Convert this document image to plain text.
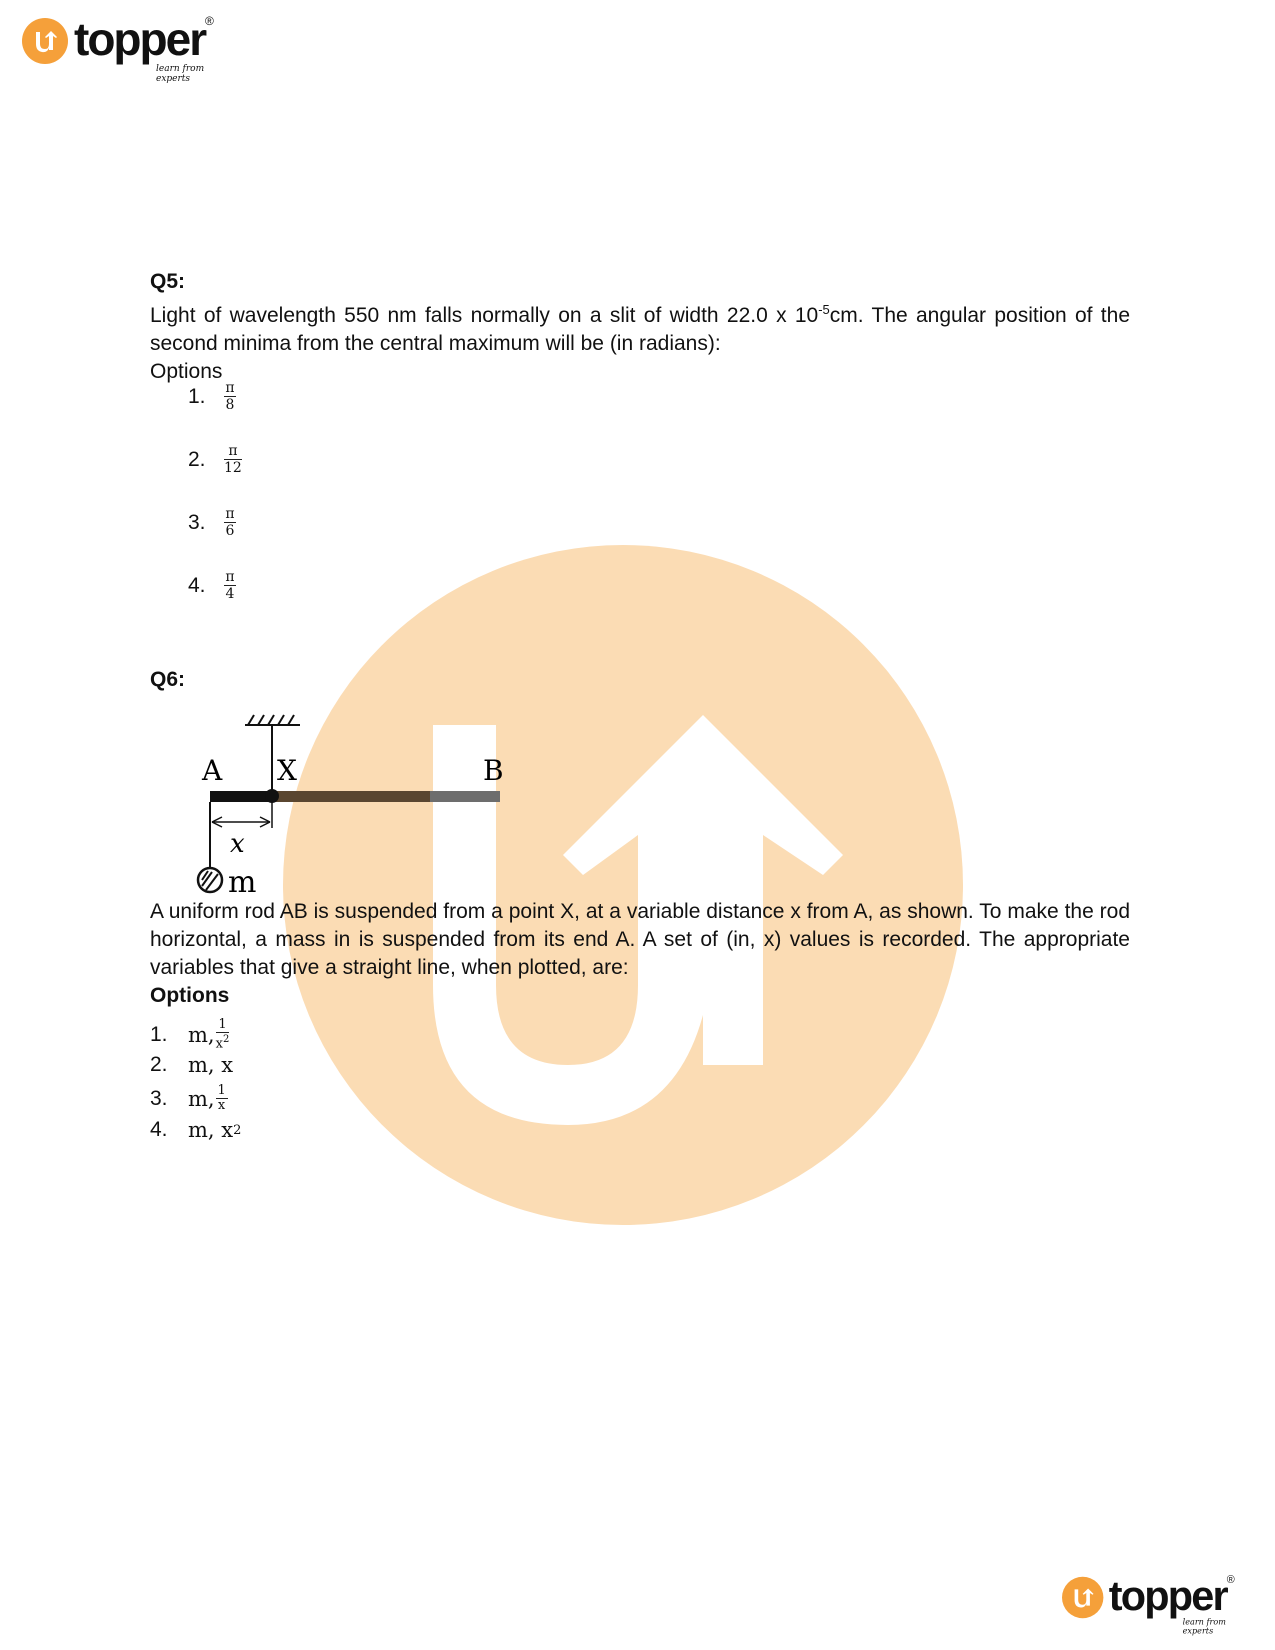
topper ®
learn from experts
topper ®
learn from experts
Q5:
Light of wavelength 550 nm falls normally on a slit of width 22.0 x $10^{-5}cm$. The angular position of the second minima from the central maximum will be (in radians):
Options
1.	$\frac{\pi}{8}$
2.	$\frac{\pi}{12}$
3.	$\frac{\pi}{6}$
4.	$\frac{\pi}{4}$
Q6:
A X	B
x
m
A uniform rod AB is suspended from a point X, at a variable distance x from A, as shown. To make the rod horizontal, a mass in is suspended from its end A. A set of (in, x) values is recorded. The appropriate variables that give a straight line, when plotted, are:
Options
1. m, 1
$x^2$
2. m, x
3. m, 1
x
4. m, x 2
